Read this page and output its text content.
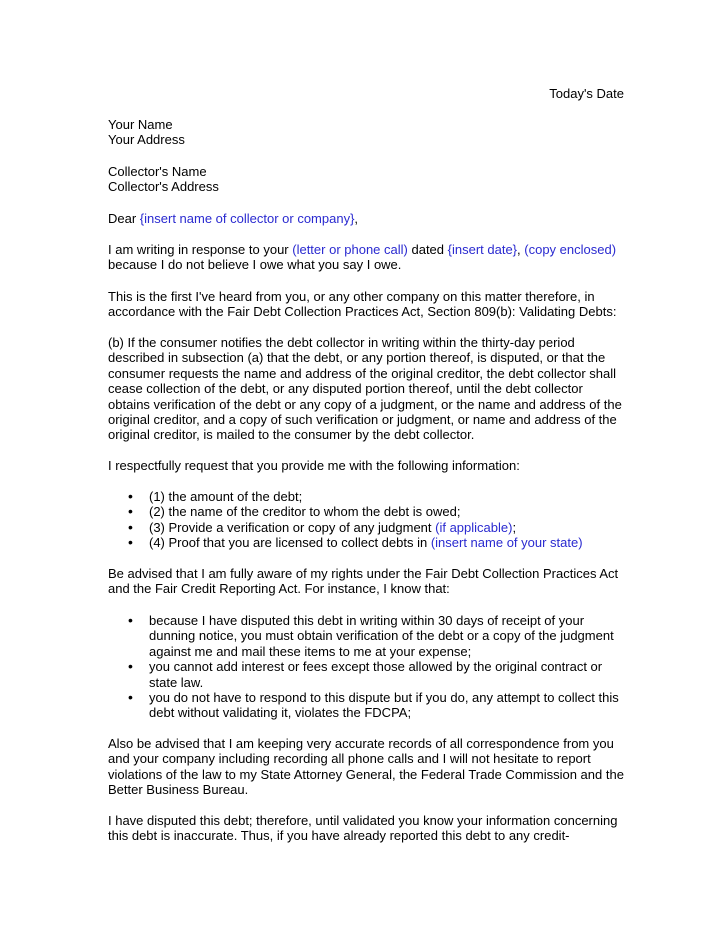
Today's Date
Your Name
Your Address
Collector's Name
Collector's Address

Dear {insert name of collector or company},

I am writing in response to your (letter or phone call) dated {insert date}, (copy enclosed) because I do not believe I owe what you say I owe.

This is the first I've heard from you, or any other company on this matter therefore, in accordance with the Fair Debt Collection Practices Act, Section 809(b): Validating Debts:

(b) If the consumer notifies the debt collector in writing within the thirty-day period described in subsection (a) that the debt, or any portion thereof, is disputed, or that the consumer requests the name and address of the original creditor, the debt collector shall cease collection of the debt, or any disputed portion thereof, until the debt collector obtains verification of the debt or any copy of a judgment, or the name and address of the original creditor, and a copy of such verification or judgment, or name and address of the original creditor, is mailed to the consumer by the debt collector.

I respectfully request that you provide me with the following information:

• (1) the amount of the debt;
• (2) the name of the creditor to whom the debt is owed;
• (3) Provide a verification or copy of any judgment (if applicable);
• (4) Proof that you are licensed to collect debts in (insert name of your state)

Be advised that I am fully aware of my rights under the Fair Debt Collection Practices Act and the Fair Credit Reporting Act. For instance, I know that:

• because I have disputed this debt in writing within 30 days of receipt of your dunning notice, you must obtain verification of the debt or a copy of the judgment against me and mail these items to me at your expense;
• you cannot add interest or fees except those allowed by the original contract or state law.
• you do not have to respond to this dispute but if you do, any attempt to collect this debt without validating it, violates the FDCPA;

Also be advised that I am keeping very accurate records of all correspondence from you and your company including recording all phone calls and I will not hesitate to report violations of the law to my State Attorney General, the Federal Trade Commission and the Better Business Bureau.

I have disputed this debt; therefore, until validated you know your information concerning this debt is inaccurate. Thus, if you have already reported this debt to any credit-
